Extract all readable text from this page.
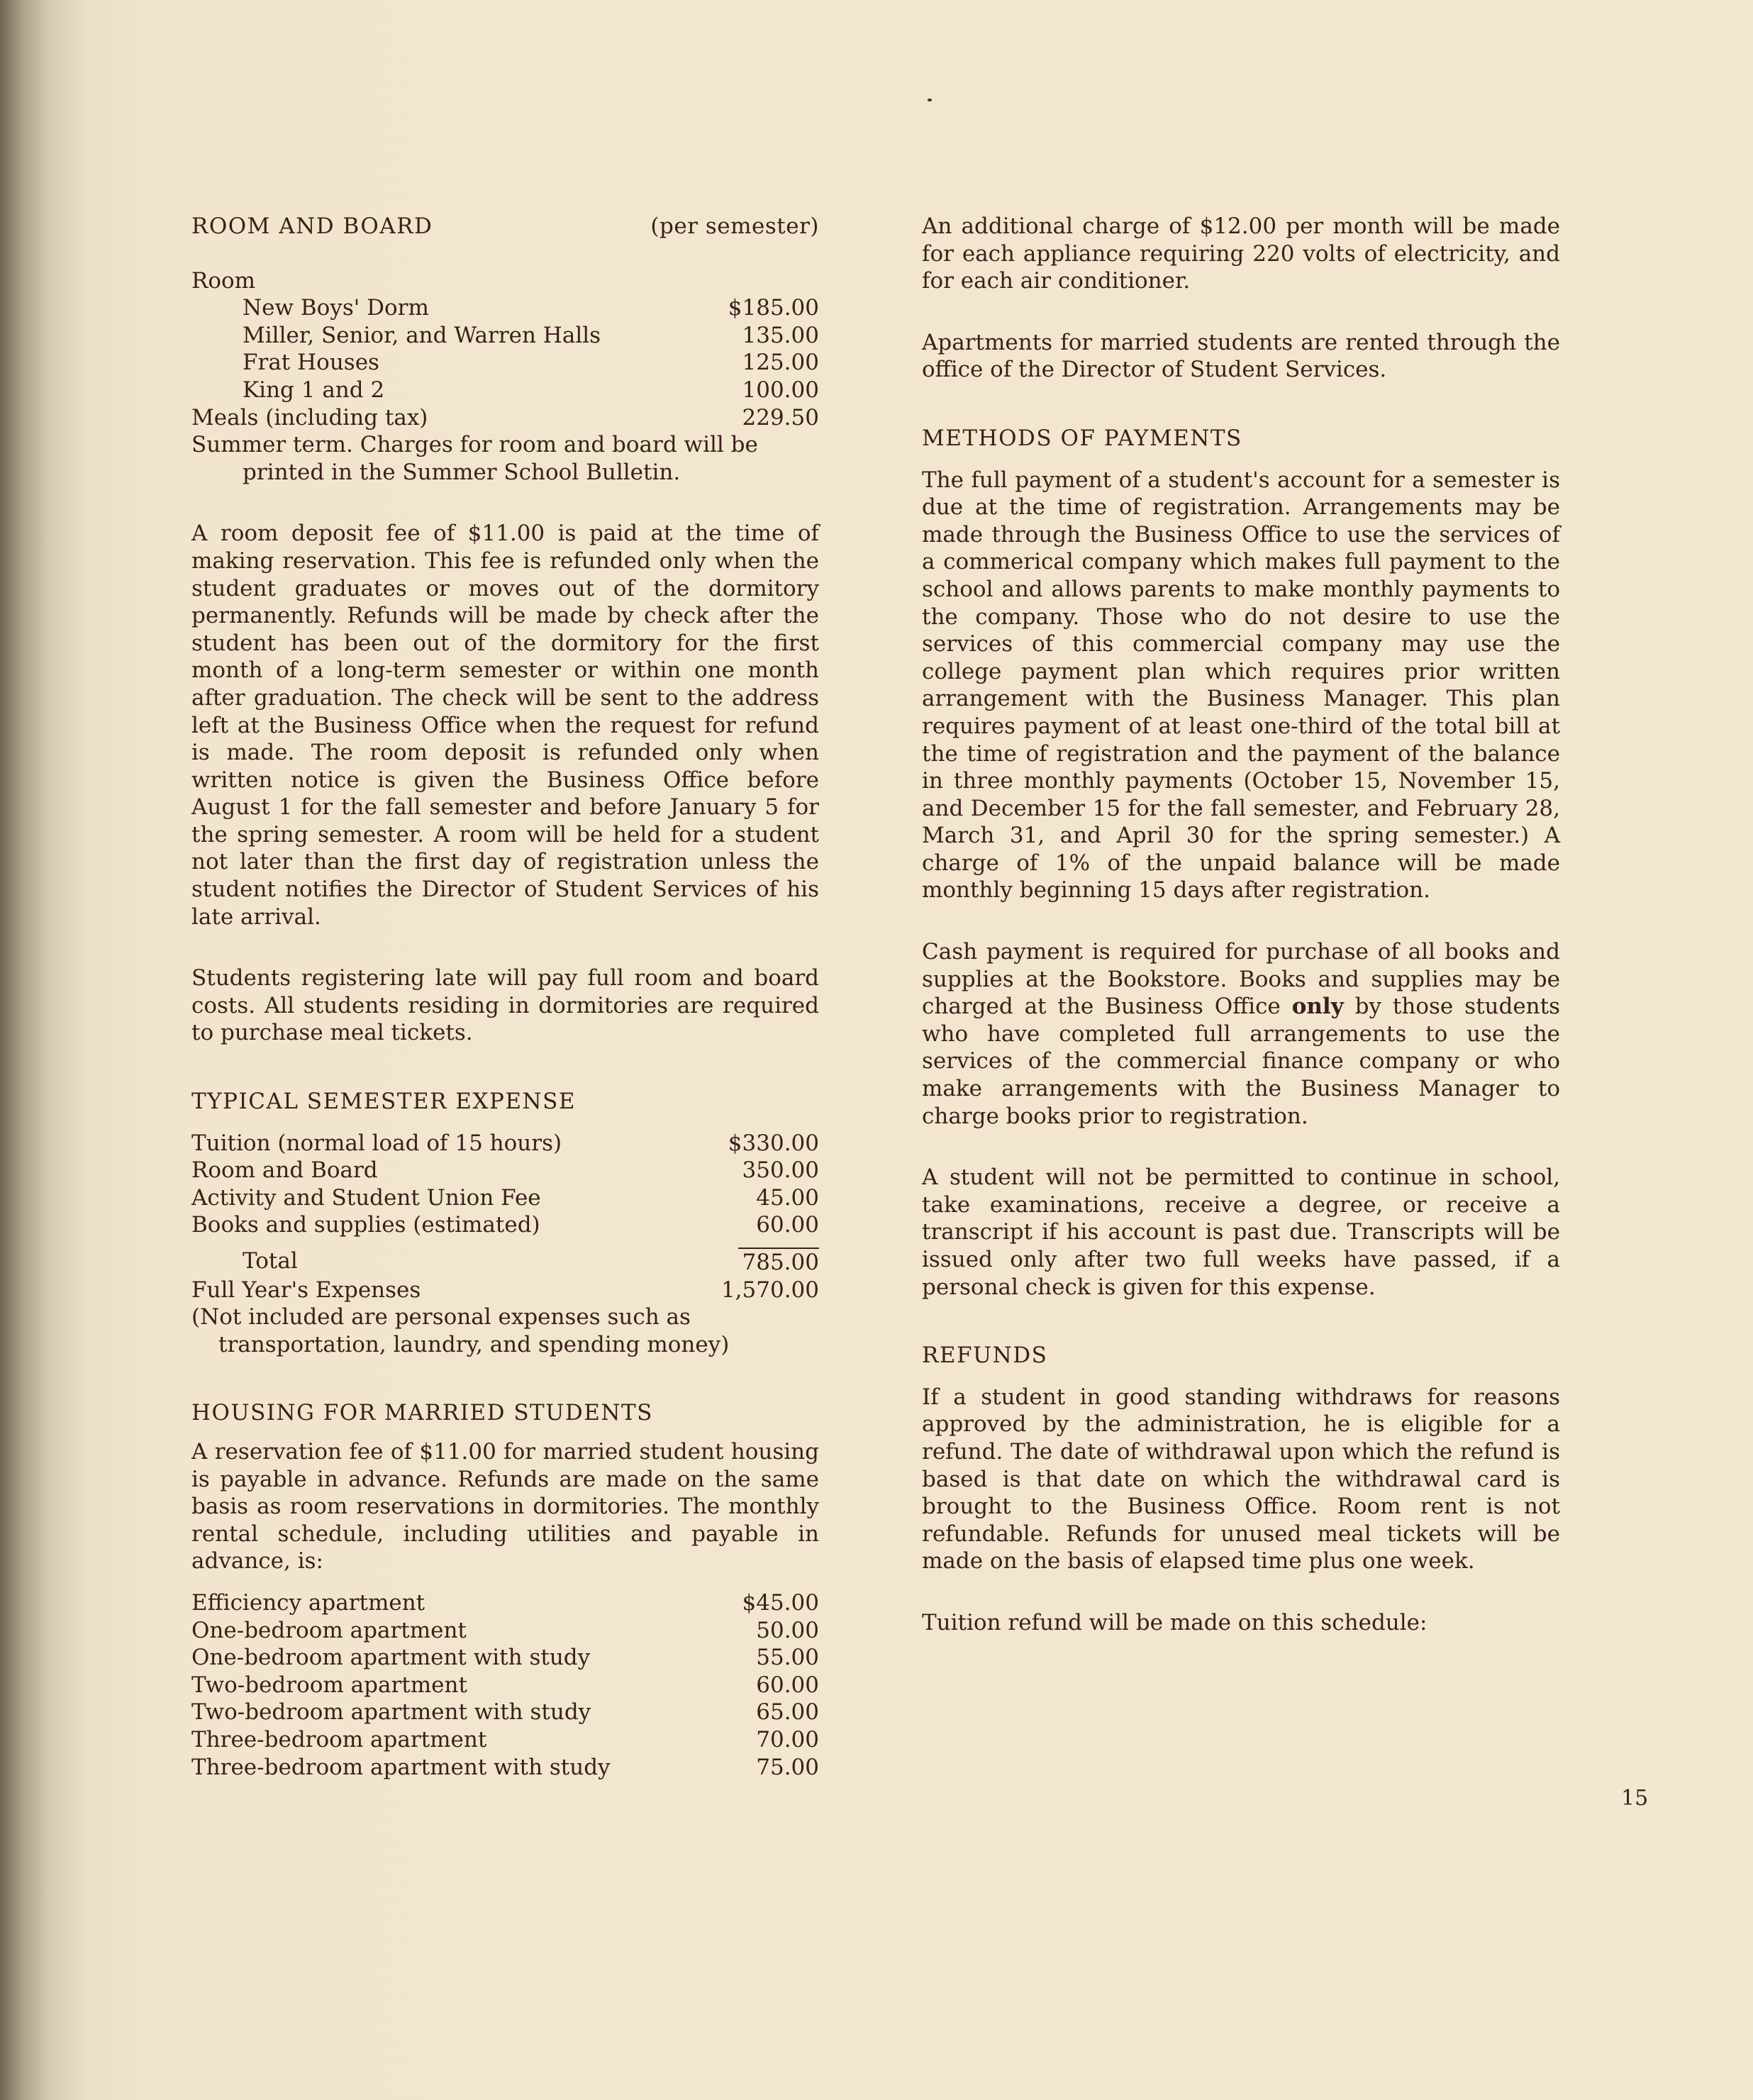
ROOM AND BOARD	(per semester)
Room
New Boys' Dorm	$185.00
Miller, Senior, and Warren Halls	135.00
Frat Houses	125.00
King 1 and 2	100.00
Meals (including tax)	229.50

Summer term. Charges for room and board will be printed in the Summer School Bulletin.

A room deposit fee of $11.00 is paid at the time of making reservation. This fee is refunded only when the student graduates or moves out of the dormitory permanently. Refunds will be made by check after the student has been out of the dormitory for the first month of a long-term semester or within one month after graduation. The check will be sent to the address left at the Business Office when the request for refund is made. The room deposit is refunded only when written notice is given the Business Office before August 1 for the fall semester and before January 5 for the spring semester. A room will be held for a student not later than the first day of registration unless the student notifies the Director of Student Services of his late arrival.

Students registering late will pay full room and board costs. All students residing in dormitories are required to purchase meal tickets.

TYPICAL SEMESTER EXPENSE
Tuition (normal load of 15 hours)	$330.00
Room and Board	350.00
Activity and Student Union Fee	45.00
Books and supplies (estimated)	60.00
Total	785.00
Full Year's Expenses	1,570.00

(Not included are personal expenses such as transportation, laundry, and spending money)

HOUSING FOR MARRIED STUDENTS

A reservation fee of $11.00 for married student housing is payable in advance. Refunds are made on the same basis as room reservations in dormitories. The monthly rental schedule, including utilities and payable in advance, is:

Efficiency apartment	$45.00
One-bedroom apartment	50.00
One-bedroom apartment with study	55.00
Two-bedroom apartment	60.00
Two-bedroom apartment with study	65.00
Three-bedroom apartment	70.00
Three-bedroom apartment with study	75.00

An additional charge of $12.00 per month will be made for each appliance requiring 220 volts of electricity, and for each air conditioner.

Apartments for married students are rented through the office of the Director of Student Services.

METHODS OF PAYMENTS

The full payment of a student's account for a semester is due at the time of registration. Arrangements may be made through the Business Office to use the services of a commerical company which makes full payment to the school and allows parents to make monthly payments to the company. Those who do not desire to use the services of this commercial company may use the college payment plan which requires prior written arrangement with the Business Manager. This plan requires payment of at least one-third of the total bill at the time of registration and the payment of the balance in three monthly payments (October 15, November 15, and December 15 for the fall semester, and February 28, March 31, and April 30 for the spring semester.) A charge of 1% of the unpaid balance will be made monthly beginning 15 days after registration.

Cash payment is required for purchase of all books and supplies at the Bookstore. Books and supplies may be charged at the Business Office only by those students who have completed full arrangements to use the services of the commercial finance company or who make arrangements with the Business Manager to charge books prior to registration.

A student will not be permitted to continue in school, take examinations, receive a degree, or receive a transcript if his account is past due. Transcripts will be issued only after two full weeks have passed, if a personal check is given for this expense.

REFUNDS

If a student in good standing withdraws for reasons approved by the administration, he is eligible for a refund. The date of withdrawal upon which the refund is based is that date on which the withdrawal card is brought to the Business Office. Room rent is not refundable. Refunds for unused meal tickets will be made on the basis of elapsed time plus one week.

Tuition refund will be made on this schedule:

15
